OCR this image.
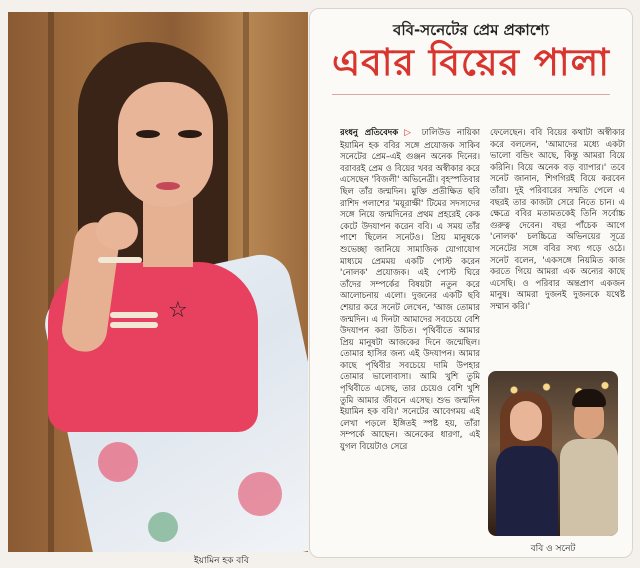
☆
ইয়ামিন হক ববি
ববি-সনেটের প্রেম প্রকাশ্যে
এবার বিয়ের পালা
রংধনু প্রতিবেদক ▷ ঢালিউড নায়িকা ইয়ামিন হক ববির সঙ্গে প্রযোজক সাকিব সনেটের প্রেম–এই গুঞ্জন অনেক দিনের। বরাবরই প্রেম ও বিয়ের খবর অস্বীকার করে এসেছেন 'বিজলী' অভিনেত্রী। বৃহস্পতিবার ছিল তাঁর জন্মদিন। মুক্তি প্রতীক্ষিত ছবি রাশিদ পলাশের 'ময়ূরাক্ষী' টিমের সদস্যদের সঙ্গে নিয়ে জন্মদিনের প্রথম প্রহরেই কেক কেটে উদযাপন করেন ববি। এ সময় তাঁর পাশে ছিলেন সনেটও। প্রিয় মানুষকে শুভেচ্ছা জানিয়ে সামাজিক যোগাযোগ মাধ্যমে প্রেমময় একটি পোস্ট করেন 'নোলক' প্রযোজক। এই পোস্ট ঘিরে তাঁদের সম্পর্কের বিষয়টা নতুন করে আলোচনায় এলো। দুজনের একটি ছবি শেয়ার করে সনেট লেখেন, 'আজ তোমার জন্মদিন। এ দিনটা আমাদের সবচেয়ে বেশি উদযাপন করা উচিত। পৃথিবীতে আমার প্রিয় মানুষটা আজকের দিনে জন্মেছিল। তোমার হাসির জন্য এই উদযাপন। আমার কাছে পৃথিবীর সবচেয়ে দামি উপহার তোমার ভালোবাসা। আমি খুশি তুমি পৃথিবীতে এসেছ, তার চেয়েও বেশি খুশি তুমি আমার জীবনে এসেছ। শুভ জন্মদিন ইয়ামিন হক ববি।' সনেটের আবেগময় এই লেখা পড়লে ইঙ্গিতই স্পষ্ট হয়, তাঁরা সম্পর্কে আছেন। অনেকের ধারণা, এই যুগল বিয়েটাও সেরে
ফেলেছেন। ববি বিয়ের কথাটা অস্বীকার করে বললেন, 'আমাদের মধ্যে একটা ভালো বন্ডিং আছে, কিন্তু আমরা বিয়ে করিনি। বিয়ে অনেক বড় ব্যাপার।' তবে সনেট জানান, শিগগিরই বিয়ে করবেন তাঁরা। দুই পরিবারের সম্মতি পেলে এ বছরই তার কাজটা সেরে নিতে চান। এ ক্ষেত্রে ববির মতামতকেই তিনি সর্বোচ্চ গুরুত্ব দেবেন। বছর পাঁচেক আগে 'নোলক' চলচ্চিত্রে অভিনয়ের সূত্রে সনেটের সঙ্গে ববির সখ্য গড়ে ওঠে। সনেট বলেন, 'একসঙ্গে নিয়মিত কাজ করতে গিয়ে আমরা এক অন্যের কাছে এসেছি। ও পরিবার অন্তপ্রাণ একজন মানুষ। আমরা দুজনই দুজনকে যথেষ্ট সম্মান করি।'
ববি ও সনেট
